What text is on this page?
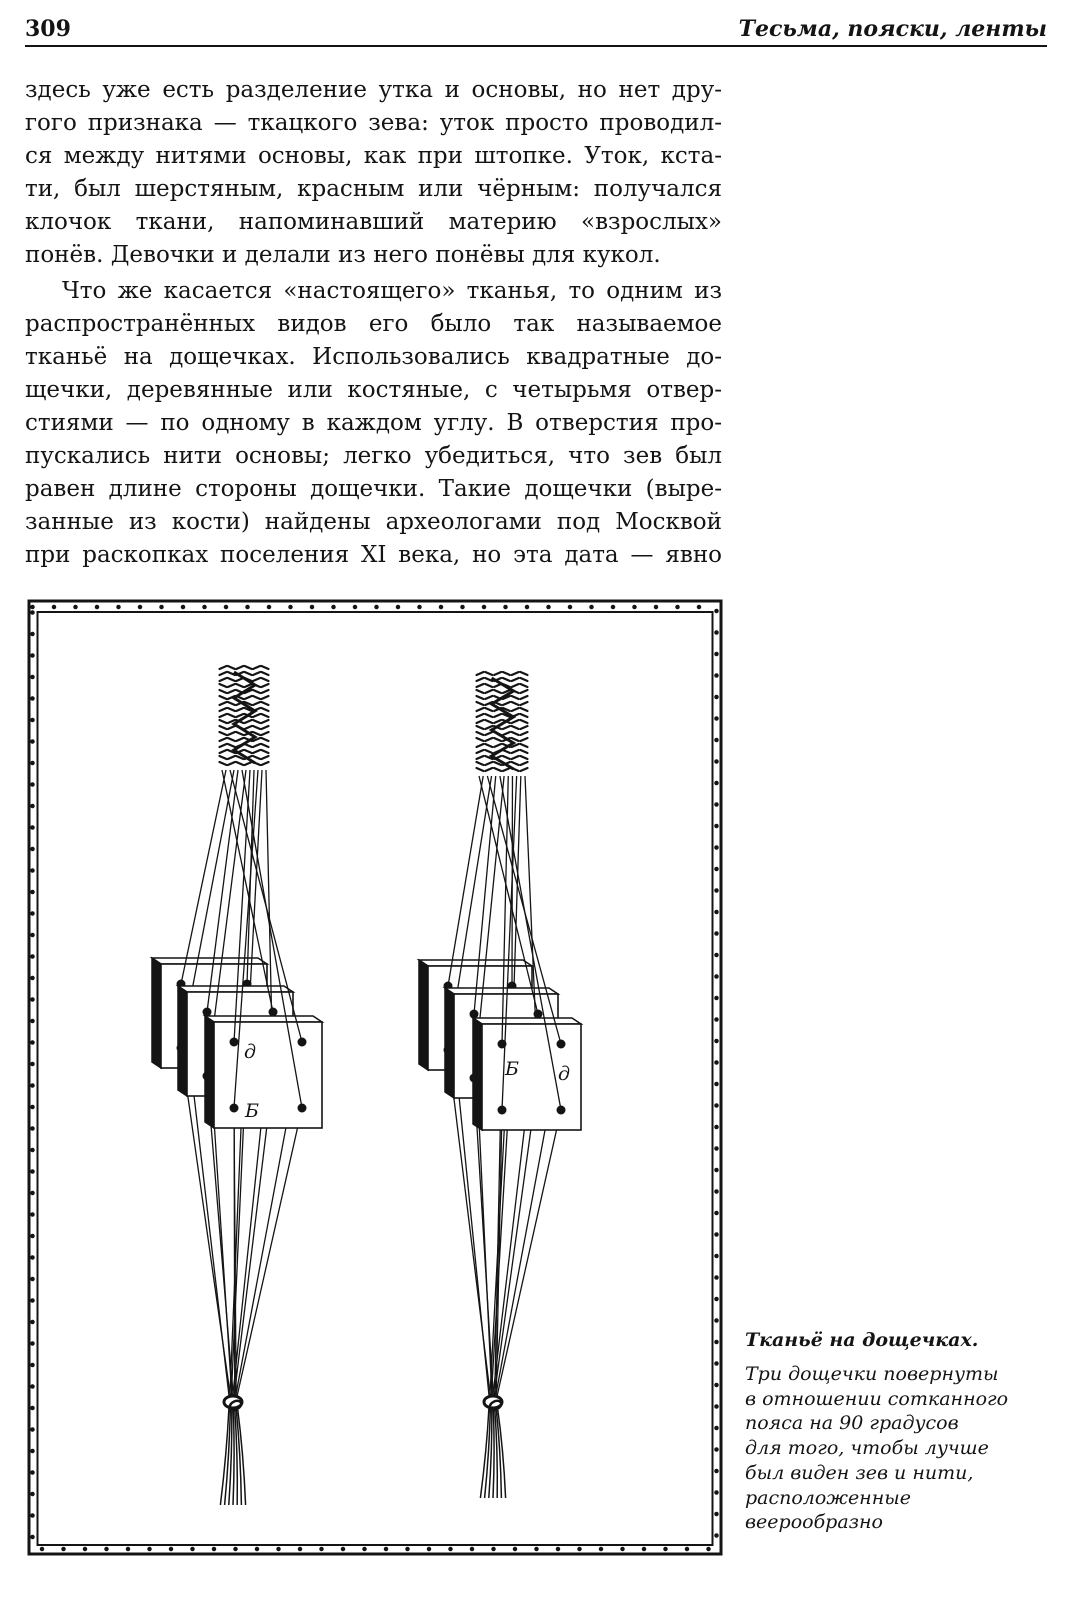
309	Тесьма, пояски, ленты
здесь уже есть разделение утка и основы, но нет дру-
гого признака — ткацкого зева: уток просто проводил-
ся между нитями основы, как при штопке. Уток, кста-
ти, был шерстяным, красным или чёрным: получался
клочок ткани, напоминавший материю «взрослых»
понёв. Девочки и делали из него понёвы для кукол.
Что же касается «настоящего» тканья, то одним из
распространённых видов его было так называемое
тканьё на дощечках. Использовались квадратные до-
щечки, деревянные или костяные, с четырьмя отвер-
стиями — по одному в каждом углу. В отверстия про-
пускались нити основы; легко убедиться, что зев был
равен длине стороны дощечки. Такие дощечки (выре-
занные из кости) найдены археологами под Москвой
при раскопках поселения XI века, но эта дата — явно
д
Б
Б д
Тканьё на дощечках.
Три дощечки повернуты
в отношении сотканного
пояса на 90 градусов
для того, чтобы лучше
был виден зев и нити,
расположенные
веерообразно
